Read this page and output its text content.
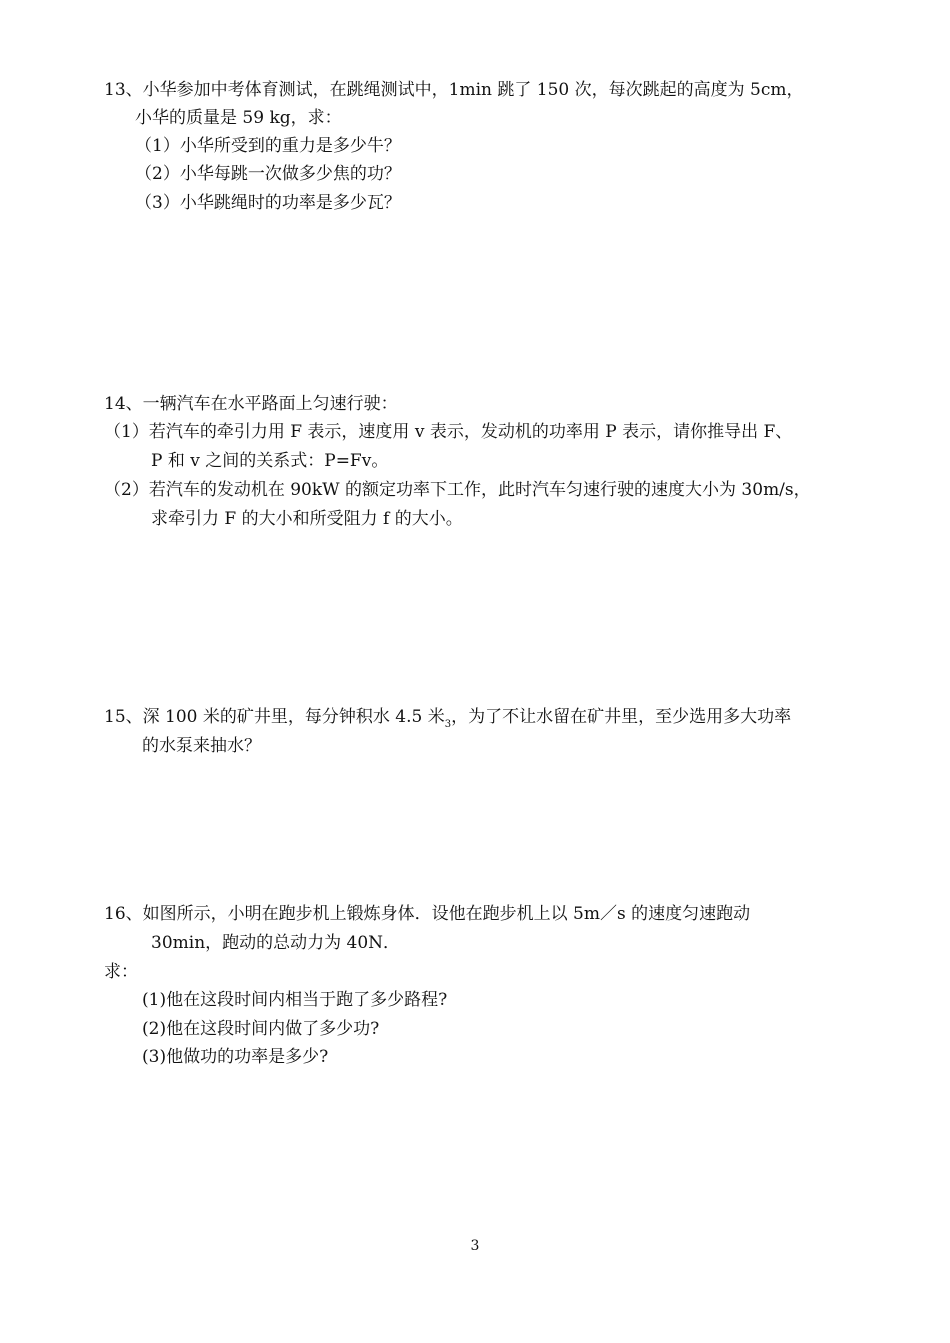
13、小华参加中考体育测试，在跳绳测试中，1min 跳了 150 次，每次跳起的高度为 5cm，
小华的质量是 59 kg，求：
（1）小华所受到的重力是多少牛？
（2）小华每跳一次做多少焦的功？
（3）小华跳绳时的功率是多少瓦？
14、一辆汽车在水平路面上匀速行驶：
（1）若汽车的牵引力用 F 表示，速度用 v 表示，发动机的功率用 P 表示，请你推导出 F、
P 和 v 之间的关系式：P=Fv。
（2）若汽车的发动机在 90kW 的额定功率下工作，此时汽车匀速行驶的速度大小为 30m/s，
求牵引力 F 的大小和所受阻力 f 的大小。
15、深 100 米的矿井里，每分钟积水 4.5 米$_3$，为了不让水留在矿井里，至少选用多大功率
的水泵来抽水？
16、如图所示，小明在跑步机上锻炼身体．设他在跑步机上以 5m／s 的速度匀速跑动
30min，跑动的总动力为 40N．
求：
(1)他在这段时间内相当于跑了多少路程?
(2)他在这段时间内做了多少功?
(3)他做功的功率是多少?
3
